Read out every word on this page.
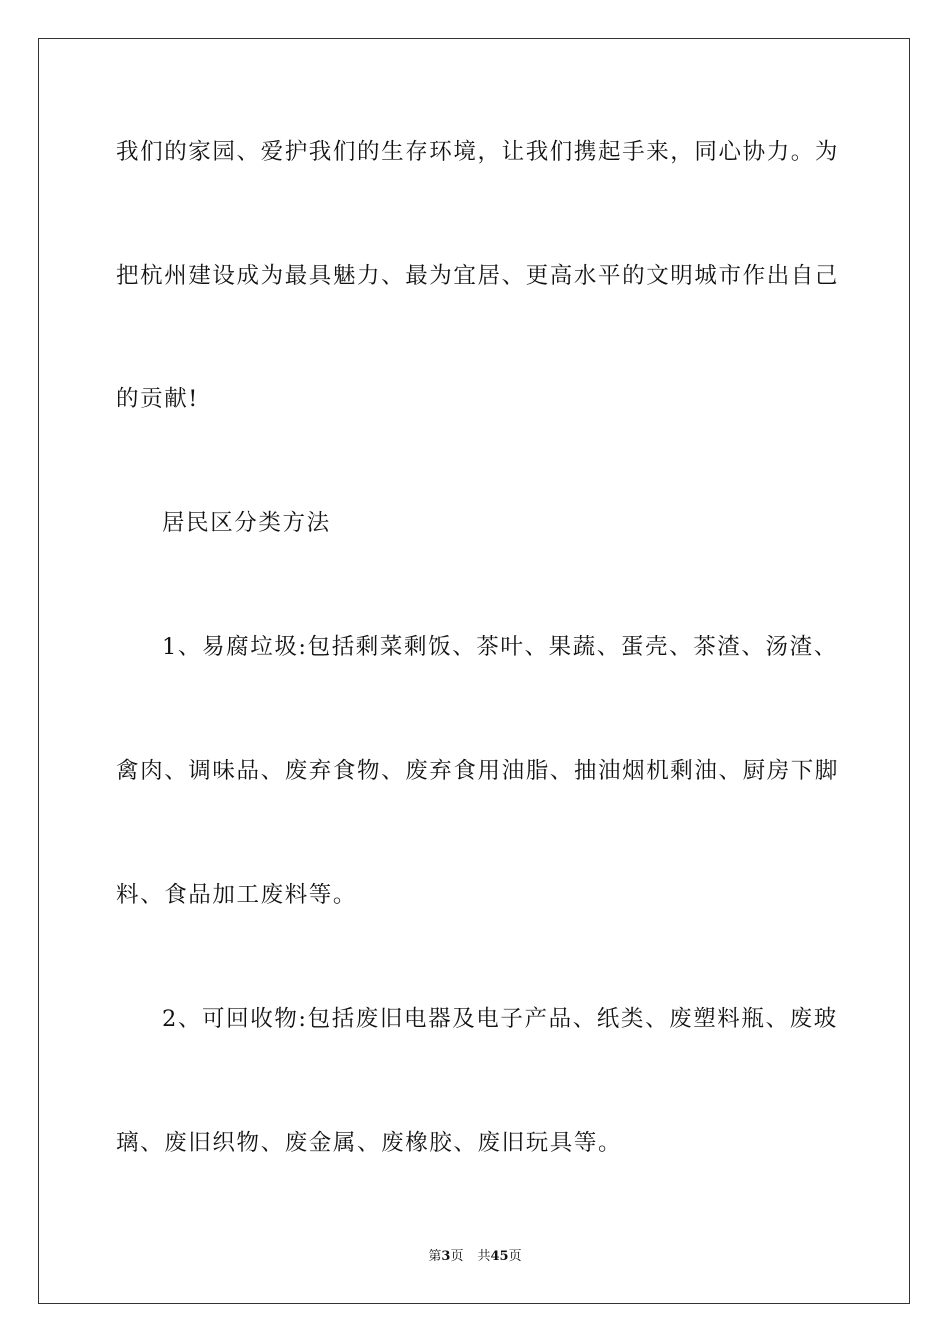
我们的家园、爱护我们的生存环境，让我们携起手来，同心协力。为
把杭州建设成为最具魅力、最为宜居、更高水平的文明城市作出自己
的贡献!
居民区分类方法
1、易腐垃圾:包括剩菜剩饭、茶叶、果蔬、蛋壳、茶渣、汤渣、
禽肉、调味品、废弃食物、废弃食用油脂、抽油烟机剩油、厨房下脚
料、食品加工废料等。
2、可回收物:包括废旧电器及电子产品、纸类、废塑料瓶、废玻
璃、废旧织物、废金属、废橡胶、废旧玩具等。
第3页 共45页
